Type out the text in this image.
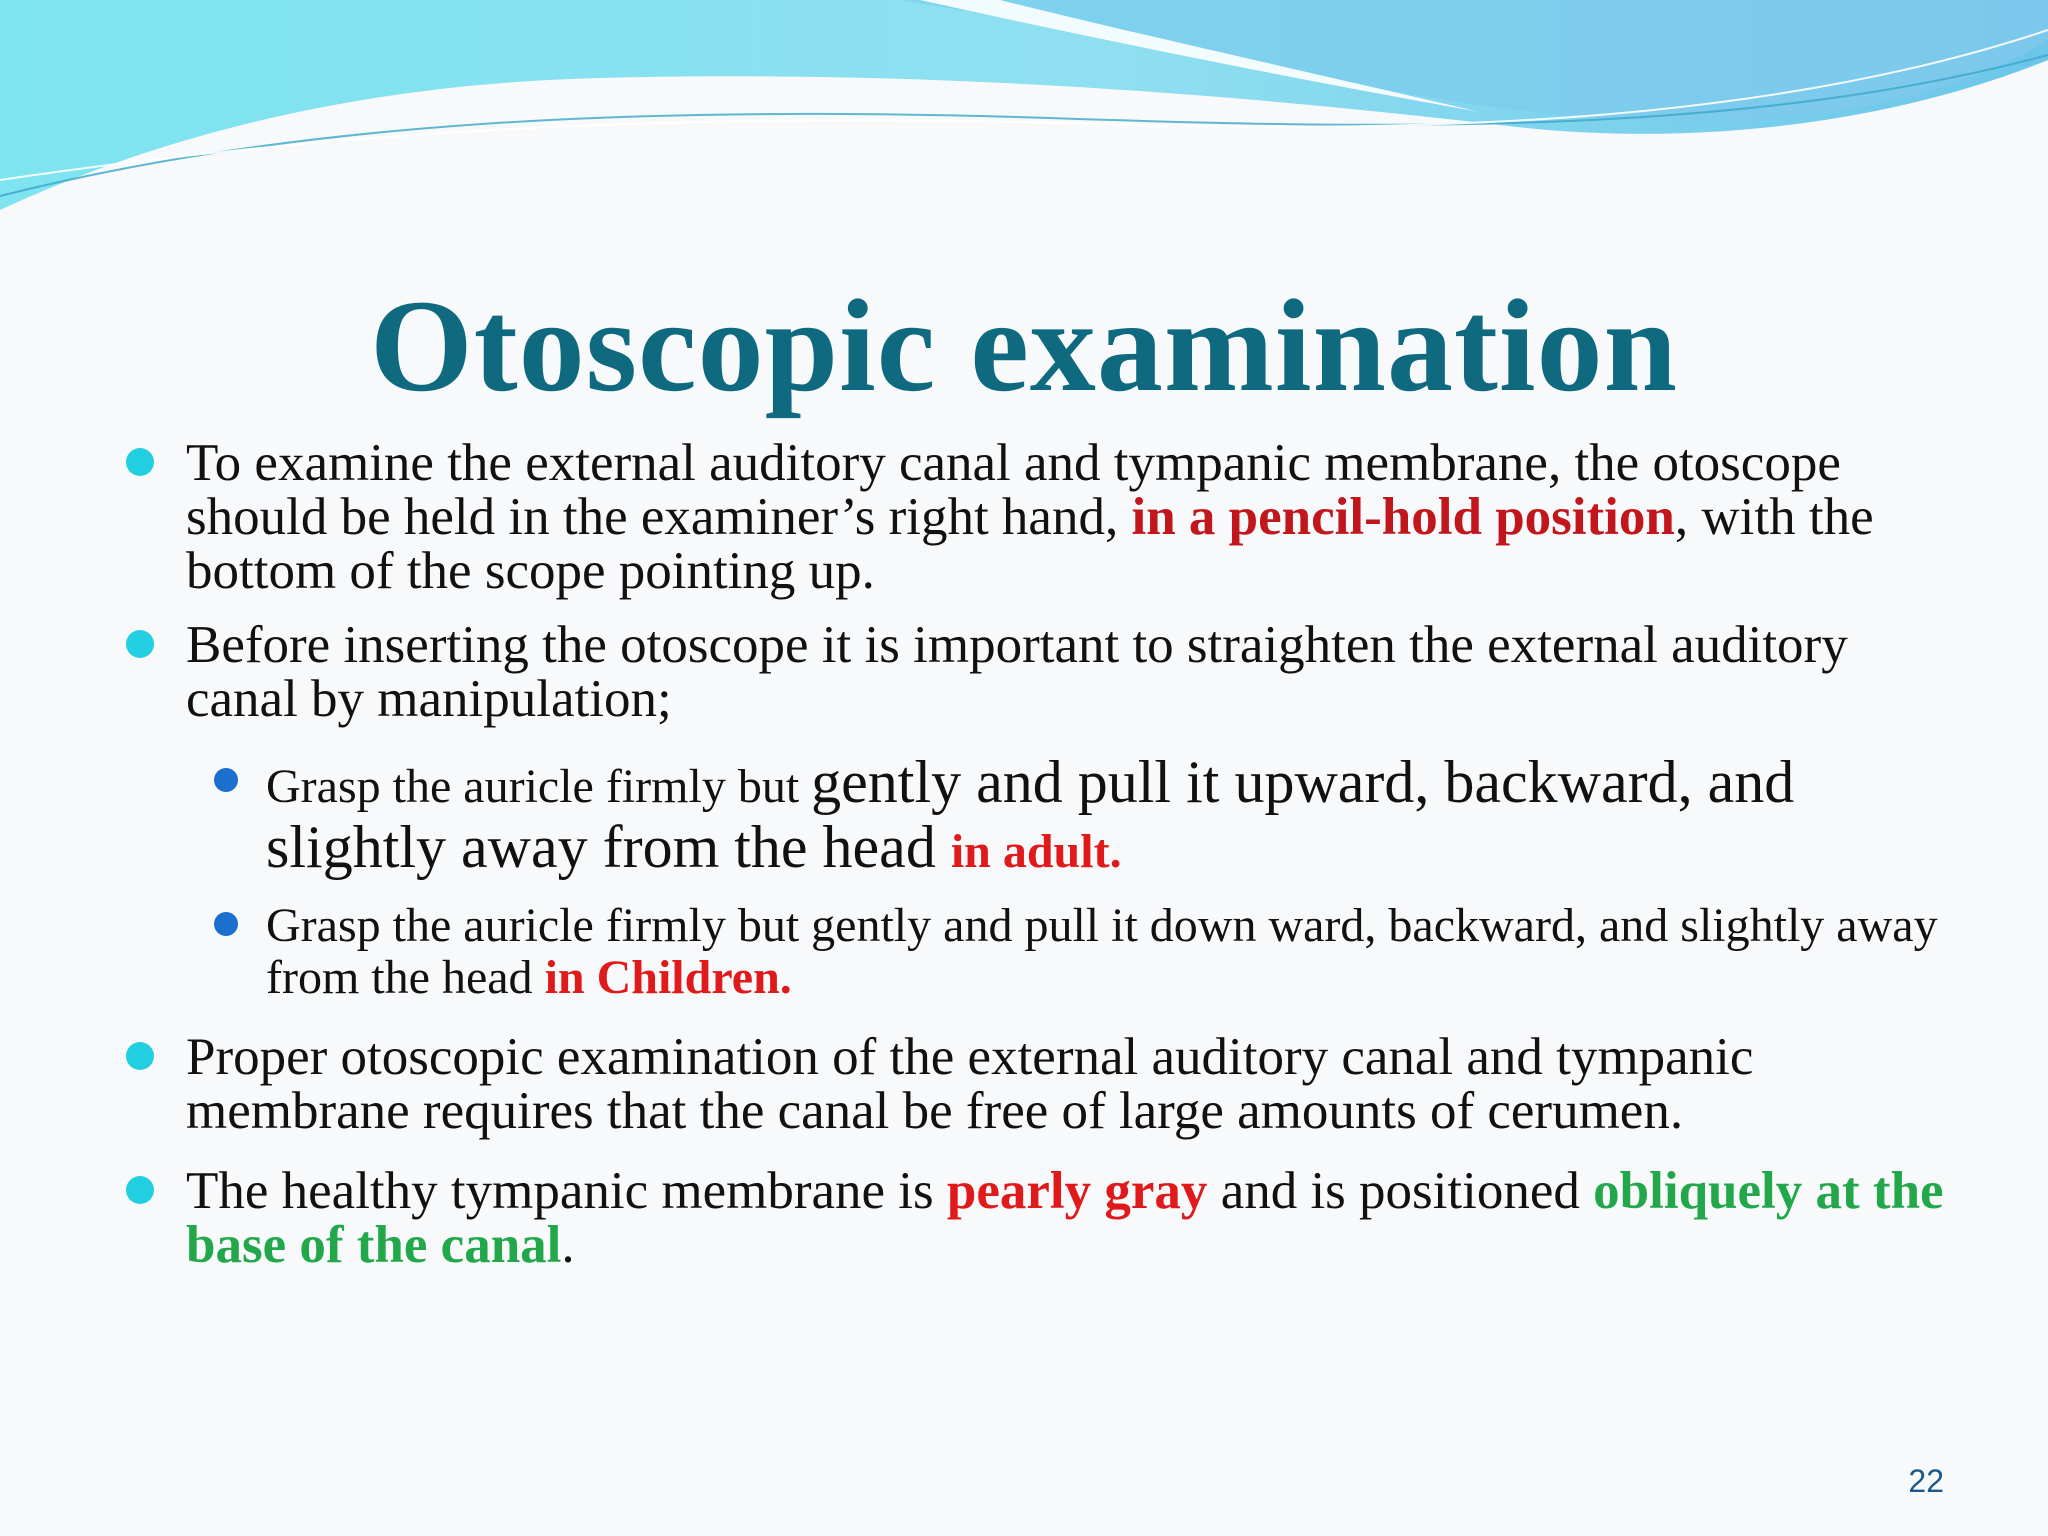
Otoscopic examination
To examine the external auditory canal and tympanic membrane, the otoscope should be held in the examiner’s right hand, in a pencil-hold position, with the bottom of the scope pointing up.
Before inserting the otoscope it is important to straighten the external auditory canal by manipulation;
Grasp the auricle firmly but gently and pull it upward, backward, and slightly away from the head in adult.
Grasp the auricle firmly but gently and pull it down ward, backward, and slightly away from the head in Children.
Proper otoscopic examination of the external auditory canal and tympanic membrane requires that the canal be free of large amounts of cerumen.
The healthy tympanic membrane is pearly gray and is positioned obliquely at the base of the canal.
22
